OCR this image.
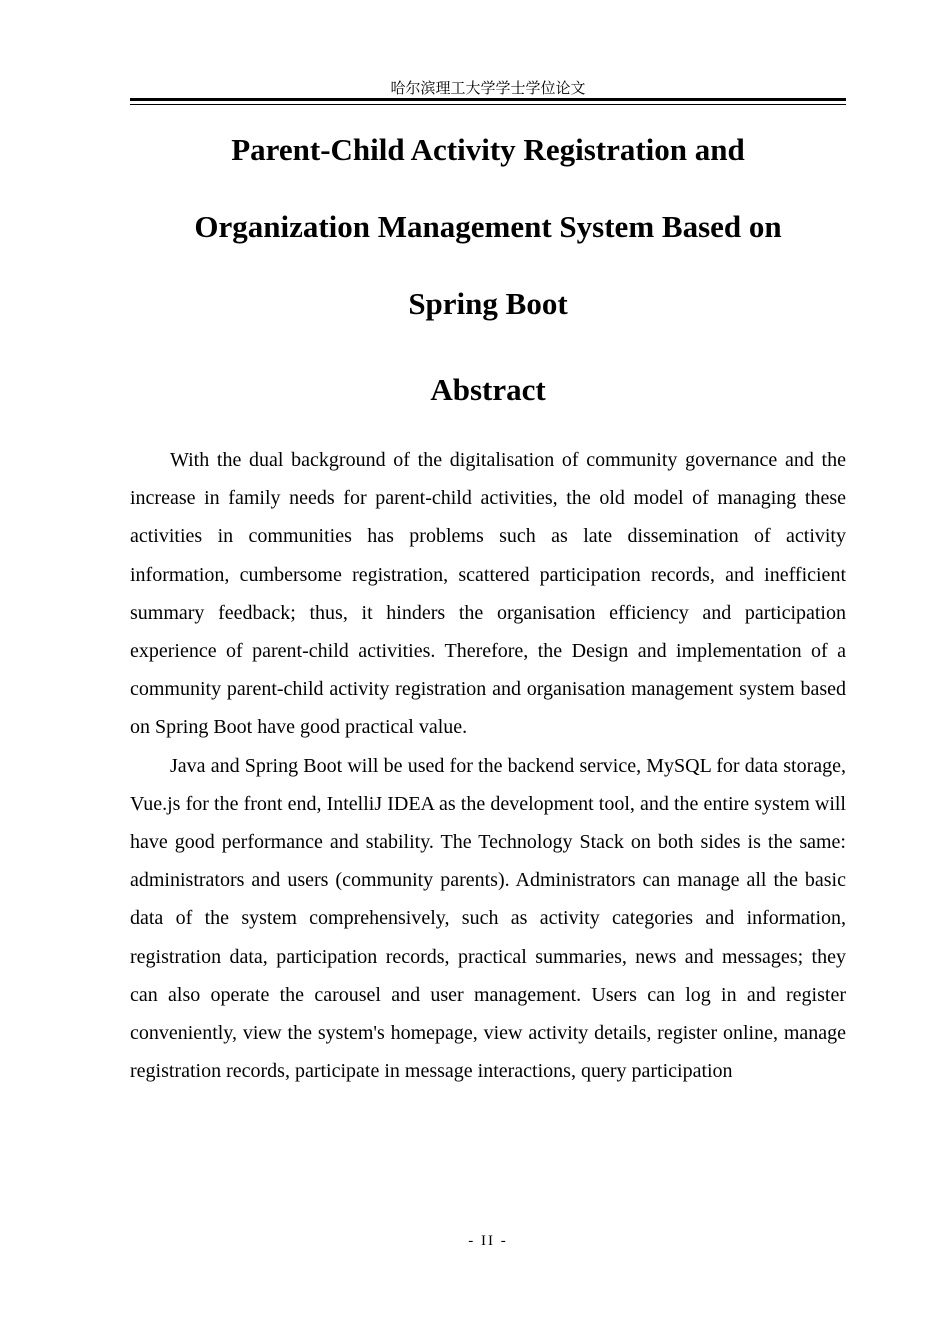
哈尔滨理工大学学士学位论文
Parent-Child Activity Registration and
Organization Management System Based on
Spring Boot
Abstract

With the dual background of the digitalisation of community governance and the increase in family needs for parent-child activities, the old model of managing these activities in communities has problems such as late dissemination of activity information, cumbersome registration, scattered participation records, and inefficient summary feedback; thus, it hinders the organisation efficiency and participation experience of parent-child activities. Therefore, the Design and implementation of a community parent-child activity registration and organisation management system based on Spring Boot have good practical value.

Java and Spring Boot will be used for the backend service, MySQL for data storage, Vue.js for the front end, IntelliJ IDEA as the development tool, and the entire system will have good performance and stability. The Technology Stack on both sides is the same: administrators and users (community parents). Administrators can manage all the basic data of the system comprehensively, such as activity categories and information, registration data, participation records, practical summaries, news and messages; they can also operate the carousel and user management. Users can log in and register conveniently, view the system's homepage, view activity details, register online, manage registration records, participate in message interactions, query participation

- II -
